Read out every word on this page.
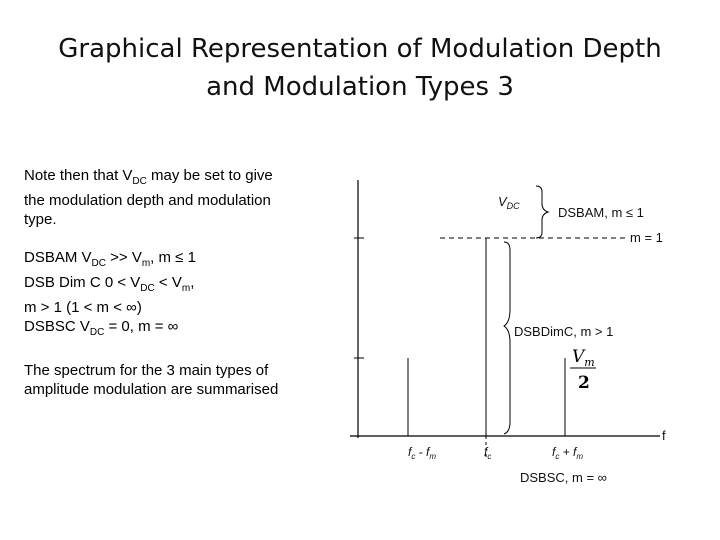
Graphical Representation of Modulation Depth
and Modulation Types 3

Note then that $V_{DC}$ may be set to give

the modulation depth and modulation

type.

DSBAM $V_{DC} >> V_m$, m ≤ 1

DSB Dim C $0 < V_{DC} < V_m$,

m > 1 (1 < m < ∞)

DSBSC $V_{DC} = 0$, m = ∞

The spectrum for the 3 main types of

amplitude modulation are summarised

$V_{DC}$	DSBAM, m ≤ 1
m = 1
DSBDimC, m > 1
$V_m$
2
f
$f_c - f_m$	$f_c$	$f_c + f_m$
DSBSC, m = ∞
